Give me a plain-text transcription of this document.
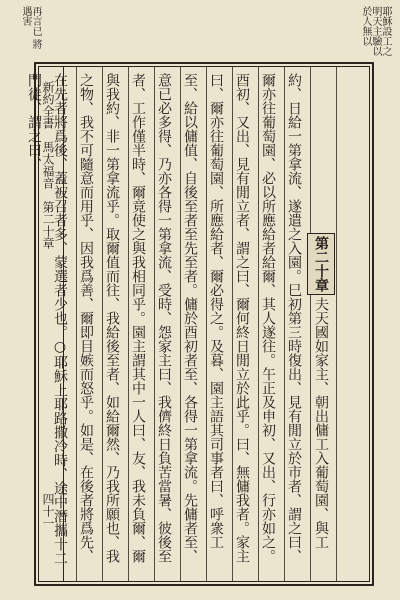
再言已 將遇害	耶穌設工之 明天主驗以 於人無以
新約全書　馬太福音　第二十章
四十一

第二十章夫天國如家主、朝出傭工入葡萄園、與工約、日給一第拿流、遂遣之入園。巳初第三時復出、見有閒立於市者、謂之曰、爾亦往葡萄園、必以所應給者給爾、其人遂往。午正及申初、又出、行亦如之。酉初、又出、見有閒立者、謂之曰、爾何終日閒立於此乎。曰、無傭我者。家主曰、爾亦往葡萄園、所應給者、爾必得之。及暮、園主語其司事者曰、呼衆工至、給以傭值、自後至者至先至者。傭於酉初者至、各得一第拿流。先傭者至、意已必多得、乃亦各得一第拿流、受時、怨家主曰、我儕終日負苦當暑、彼後至者、工作僅半時、爾竟使之與我相同乎。園主謂其中一人曰、友、我未負爾、爾與我約、非一第拿流乎。取爾值而往、我給後至者、如給爾然、乃我所願也、我之物、我不可隨意而用乎、因我爲善、爾即目嫉而怒乎。如是、在後者將爲先、在先者將爲後、蓋被召者多、蒙選者少也。○耶穌上耶路撒冷時、途中潛攜十二門徒、謂之曰、
